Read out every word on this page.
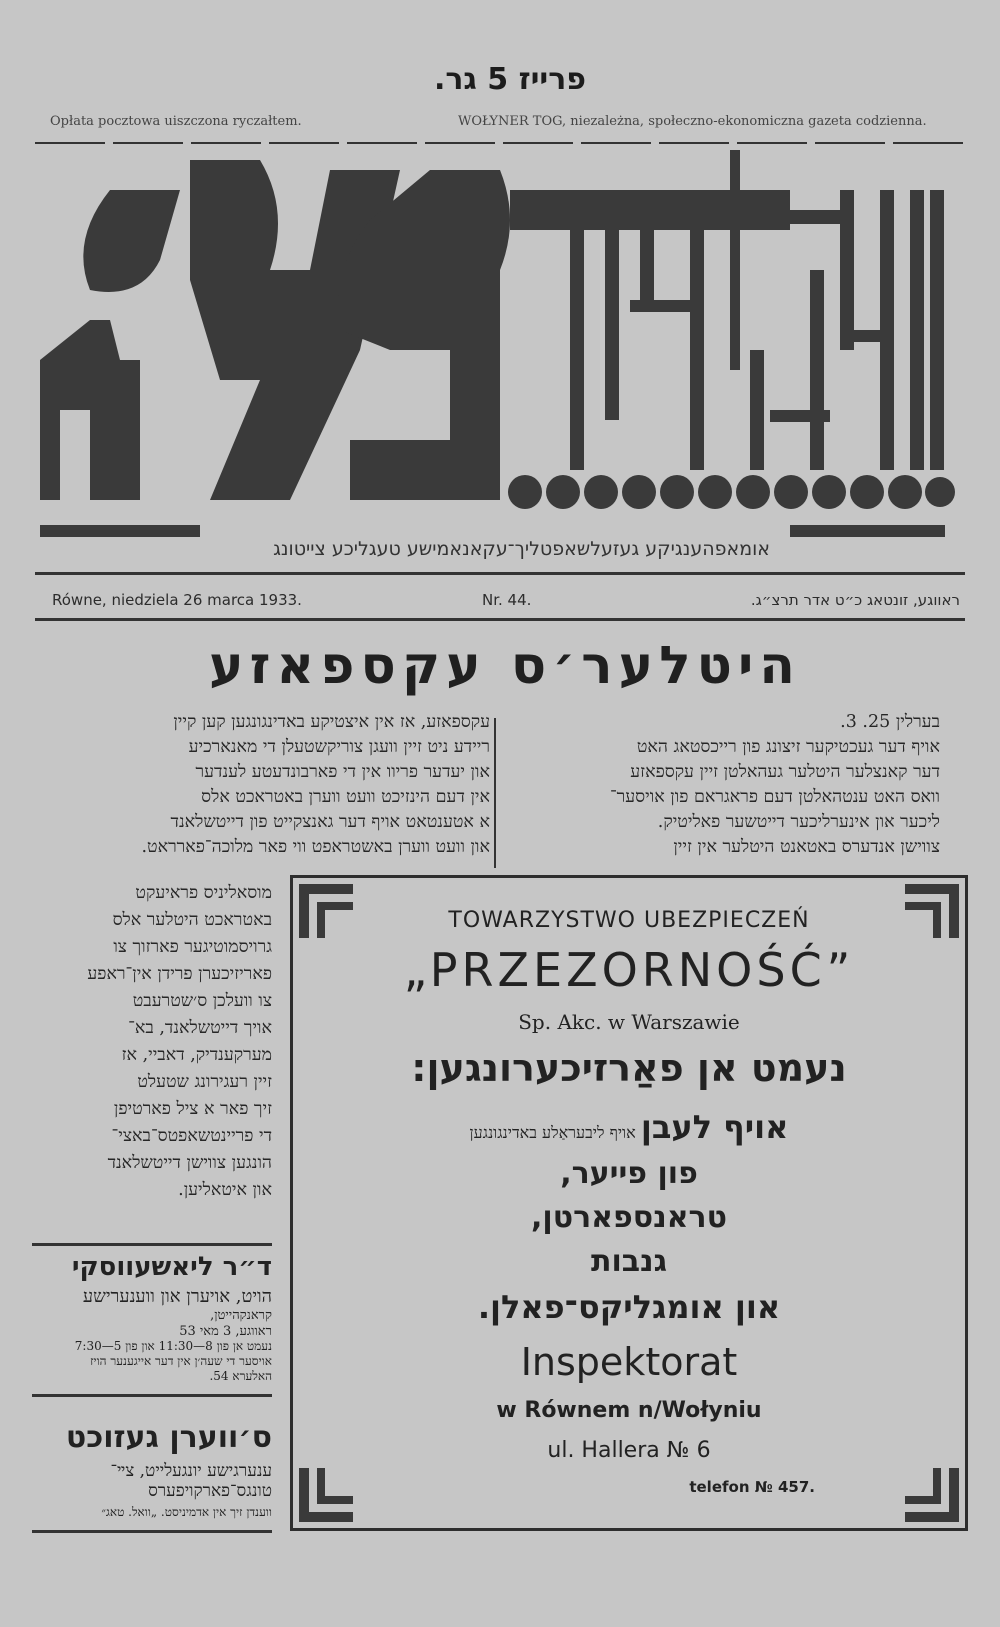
פרייז 5 גר.
Opłata pocztowa uiszczona ryczałtem.	WOŁYNER TOG, niezależna, społeczno-ekonomiczna gazeta codzienna.
אומאפהענגיקע געזעלשאפטליך־עקאנאמישע טעגליכע צייטונג
Równe, niedziela 26 marca 1933.	Nr. 44.	ראווגע, זונטאג כ״ט אדר תרצ״ג.
היטלער׳ס עקספאזע
בערלין 25. 3.
אויף דער געכטיקער זיצונג פון רייכסטאג האט
דער קאנצלער היטלער געהאלטן זיין עקספאזע
וואס האט ענטהאלטן דעם פראגראם פון אויסער־
ליכער און אינערליכער דייטשער פאליטיק.
צווישן אנדערס באטאנט היטלער אין זיין
עקספאזע, אז אין איצטיקע באדינגונגען קען קיין
ריידע ניט זיין וועגן צוריקשטעלן די מאנארכיע
און יעדער פריוו אין די פארבונדעטע לענדער
אין דעם הינזיכט וועט ווערן באטראכט אלס
א אטענטאט אויף דער גאנצקייט פון דייטשלאנד
און וועט ווערן באשטראפט ווי פאר מלוכה־פארראט.
מוסאליניס פראיעקט
באטראכט היטלער אלס
גרויסמוטיגער פארזוך צו
פאריזיכערן פרידן אין־ראפע
צו וועלכן ס׳שטרעבט
אויך דייטשלאנד, בא־
מערקענדיק, דאביי, אז
זיין רעגירונג שטעלט
זיך פאר א ציל פארטיפן
די פריינטשאפטס־באצי־
הונגען צווישן דייטשלאנד
און איטאליען.
ד״ר ליאשעווסקי
הויט, אויערן און ווענערישע
קראנקהייטן,
ראווגע, 3 מאי 53
נעמט אן פון 8—11:30 און פון 5—7:30
אויסער די שעה׳ן אין דער אייגענער הויז
האלערא 54.
ס׳ווערן געזוכט
ענערגישע יונגעלייט, צײ־
טונגס־פארקויפערס
ווענדן זיך אין אדמיניסט. „וואל. טאג״
TOWARZYSTWO UBEZPIECZEŃ
„PRZEZORNOŚĆ”
Sp. Akc. w Warszawie
נעמט אן פאַרזיכערונגען:
אויף לעבן אויף ליבעראַלע באדינגונגען
פון פייער,
טראנספארטן,
גנבות
און אומגליקס־פאלן.
Inspektorat
w Równem n/Wołyniu
ul. Hallera № 6
telefon № 457.
